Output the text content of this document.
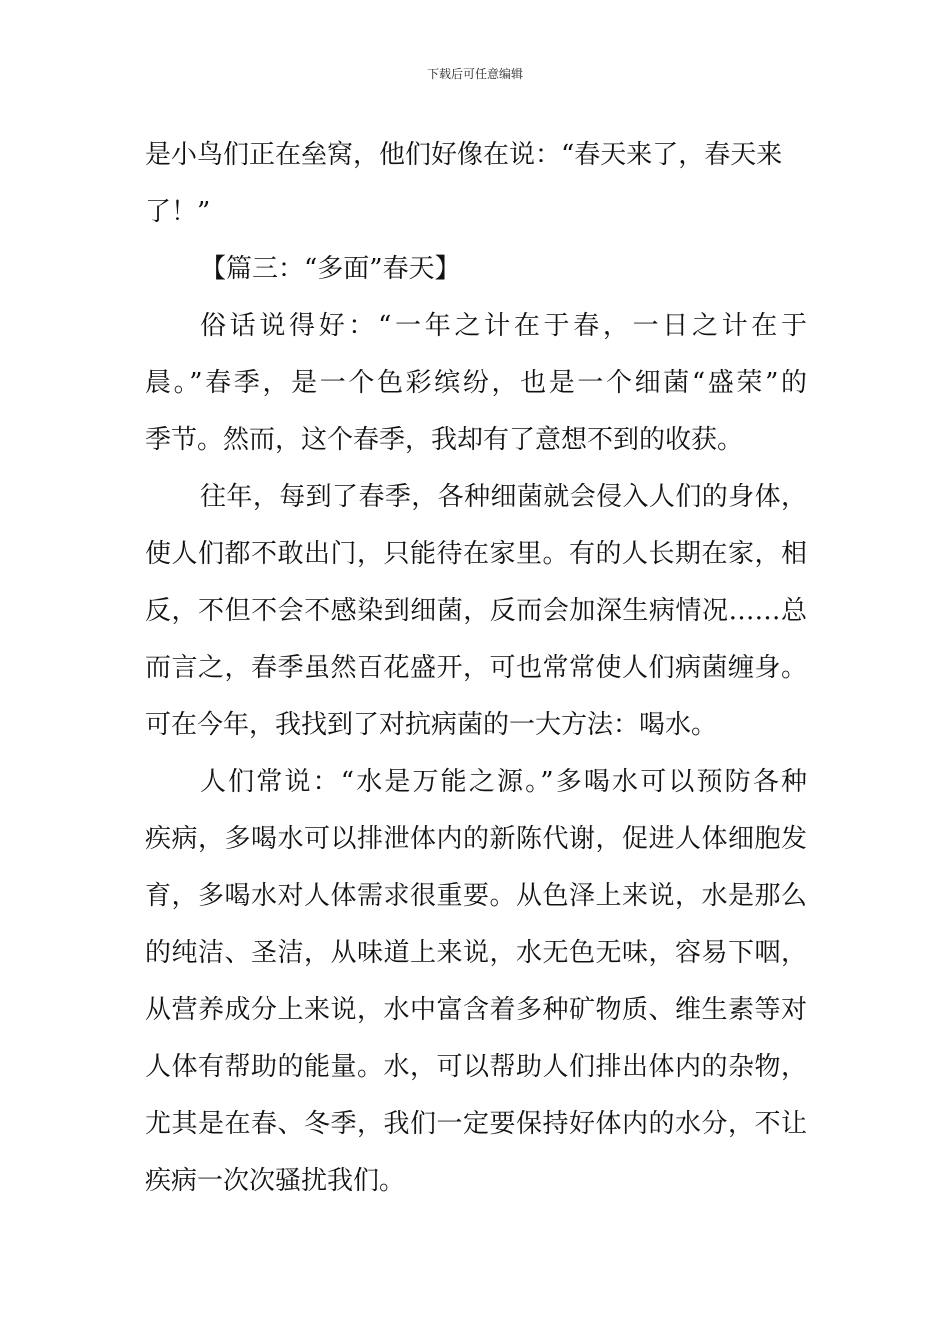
下载后可任意编辑
是小鸟们正在垒窝，他们好像在说：“春天来了，春天来
了！”
【篇三：“多面”春天】
俗话说得好：“一年之计在于春，一日之计在于
晨。”春季，是一个色彩缤纷，也是一个细菌“盛荣”的
季节。然而，这个春季，我却有了意想不到的收获。
往年，每到了春季，各种细菌就会侵入人们的身体，
使人们都不敢出门，只能待在家里。有的人长期在家，相
反，不但不会不感染到细菌，反而会加深生病情况……总
而言之，春季虽然百花盛开，可也常常使人们病菌缠身。
可在今年，我找到了对抗病菌的一大方法：喝水。
人们常说：“水是万能之源。”多喝水可以预防各种
疾病，多喝水可以排泄体内的新陈代谢，促进人体细胞发
育，多喝水对人体需求很重要。从色泽上来说，水是那么
的纯洁、圣洁，从味道上来说，水无色无味，容易下咽，
从营养成分上来说，水中富含着多种矿物质、维生素等对
人体有帮助的能量。水，可以帮助人们排出体内的杂物，
尤其是在春、冬季，我们一定要保持好体内的水分，不让
疾病一次次骚扰我们。
